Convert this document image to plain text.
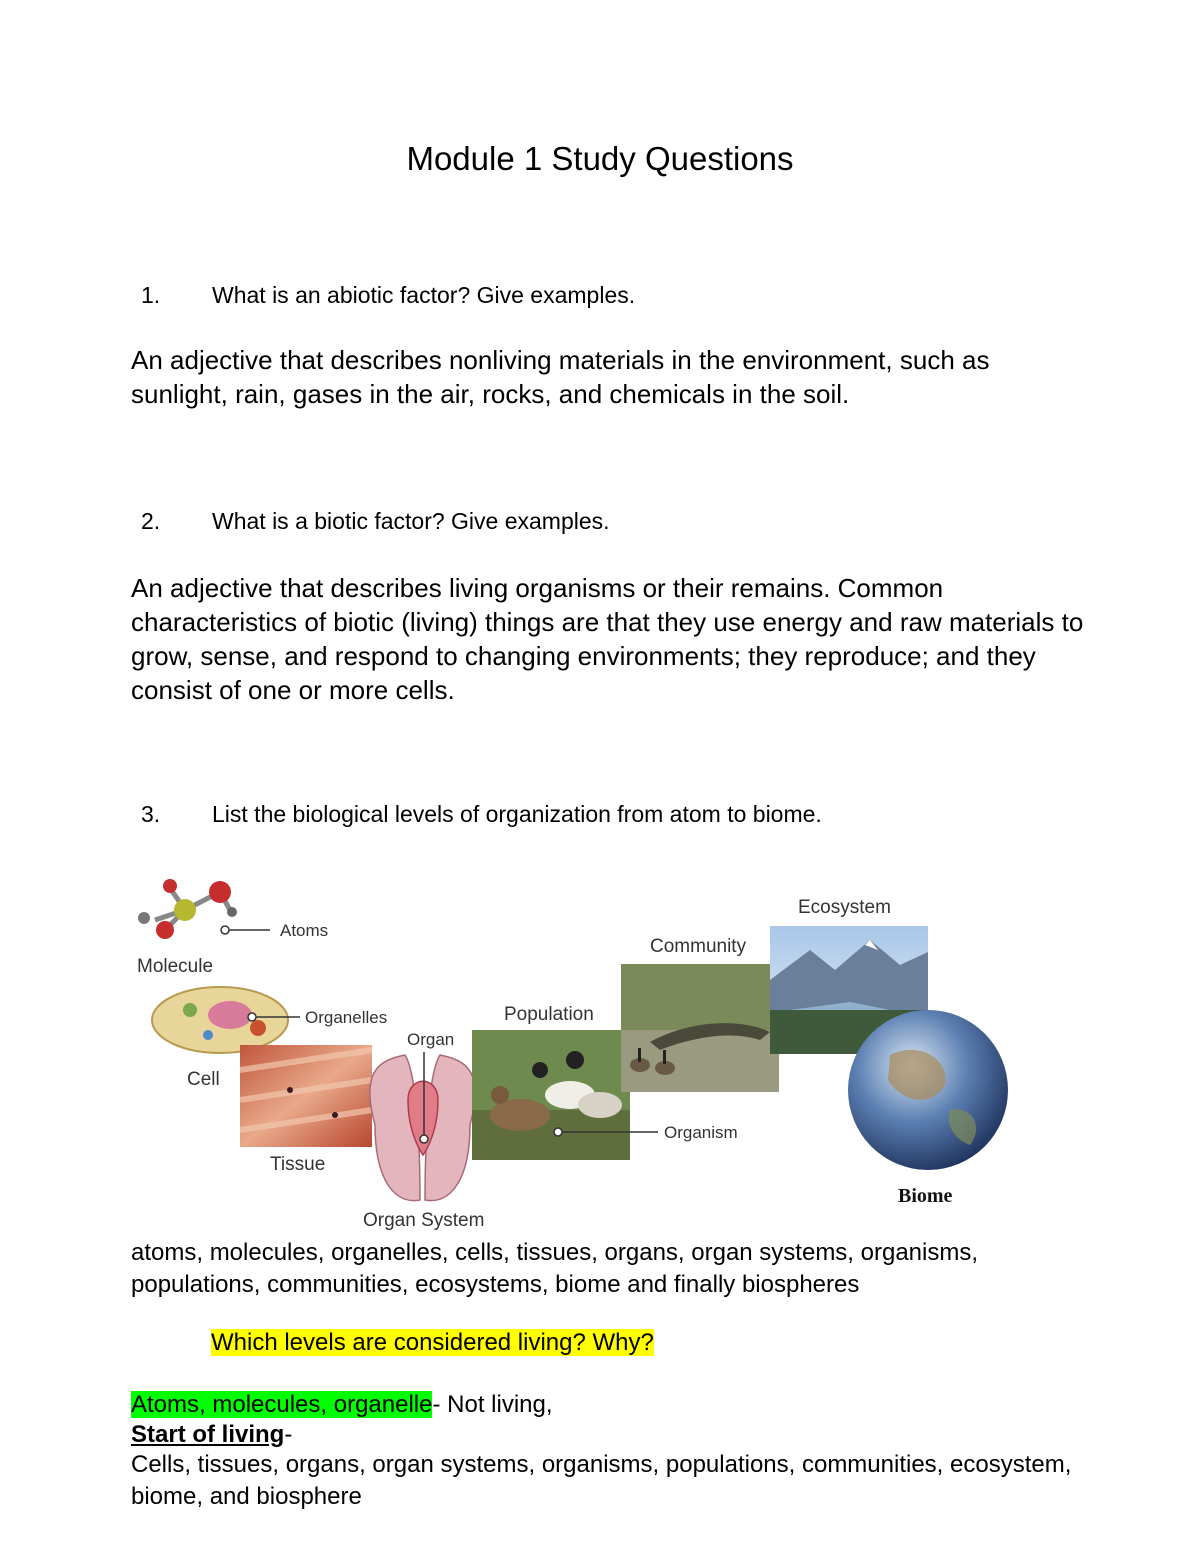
Module 1 Study Questions
1. What is an abiotic factor? Give examples.

An adjective that describes nonliving materials in the environment, such as sunlight, rain, gases in the air, rocks, and chemicals in the soil.

2. What is a biotic factor? Give examples.

An adjective that describes living organisms or their remains. Common characteristics of biotic (living) things are that they use energy and raw materials to grow, sense, and respond to changing environments; they reproduce; and they consist of one or more cells.

3. List the biological levels of organization from atom to biome.
Atoms
Molecule
Organelles
Cell
Tissue
Organ
Organ System
Population
Organism
Community
Ecosystem
Biome

atoms, molecules, organelles, cells, tissues, organs, organ systems, organisms, populations, communities, ecosystems, biome and finally biospheres

Which levels are considered living? Why?
Atoms, molecules, organelle- Not living,
Start of living-

Cells, tissues, organs, organ systems, organisms, populations, communities, ecosystem, biome, and biosphere
